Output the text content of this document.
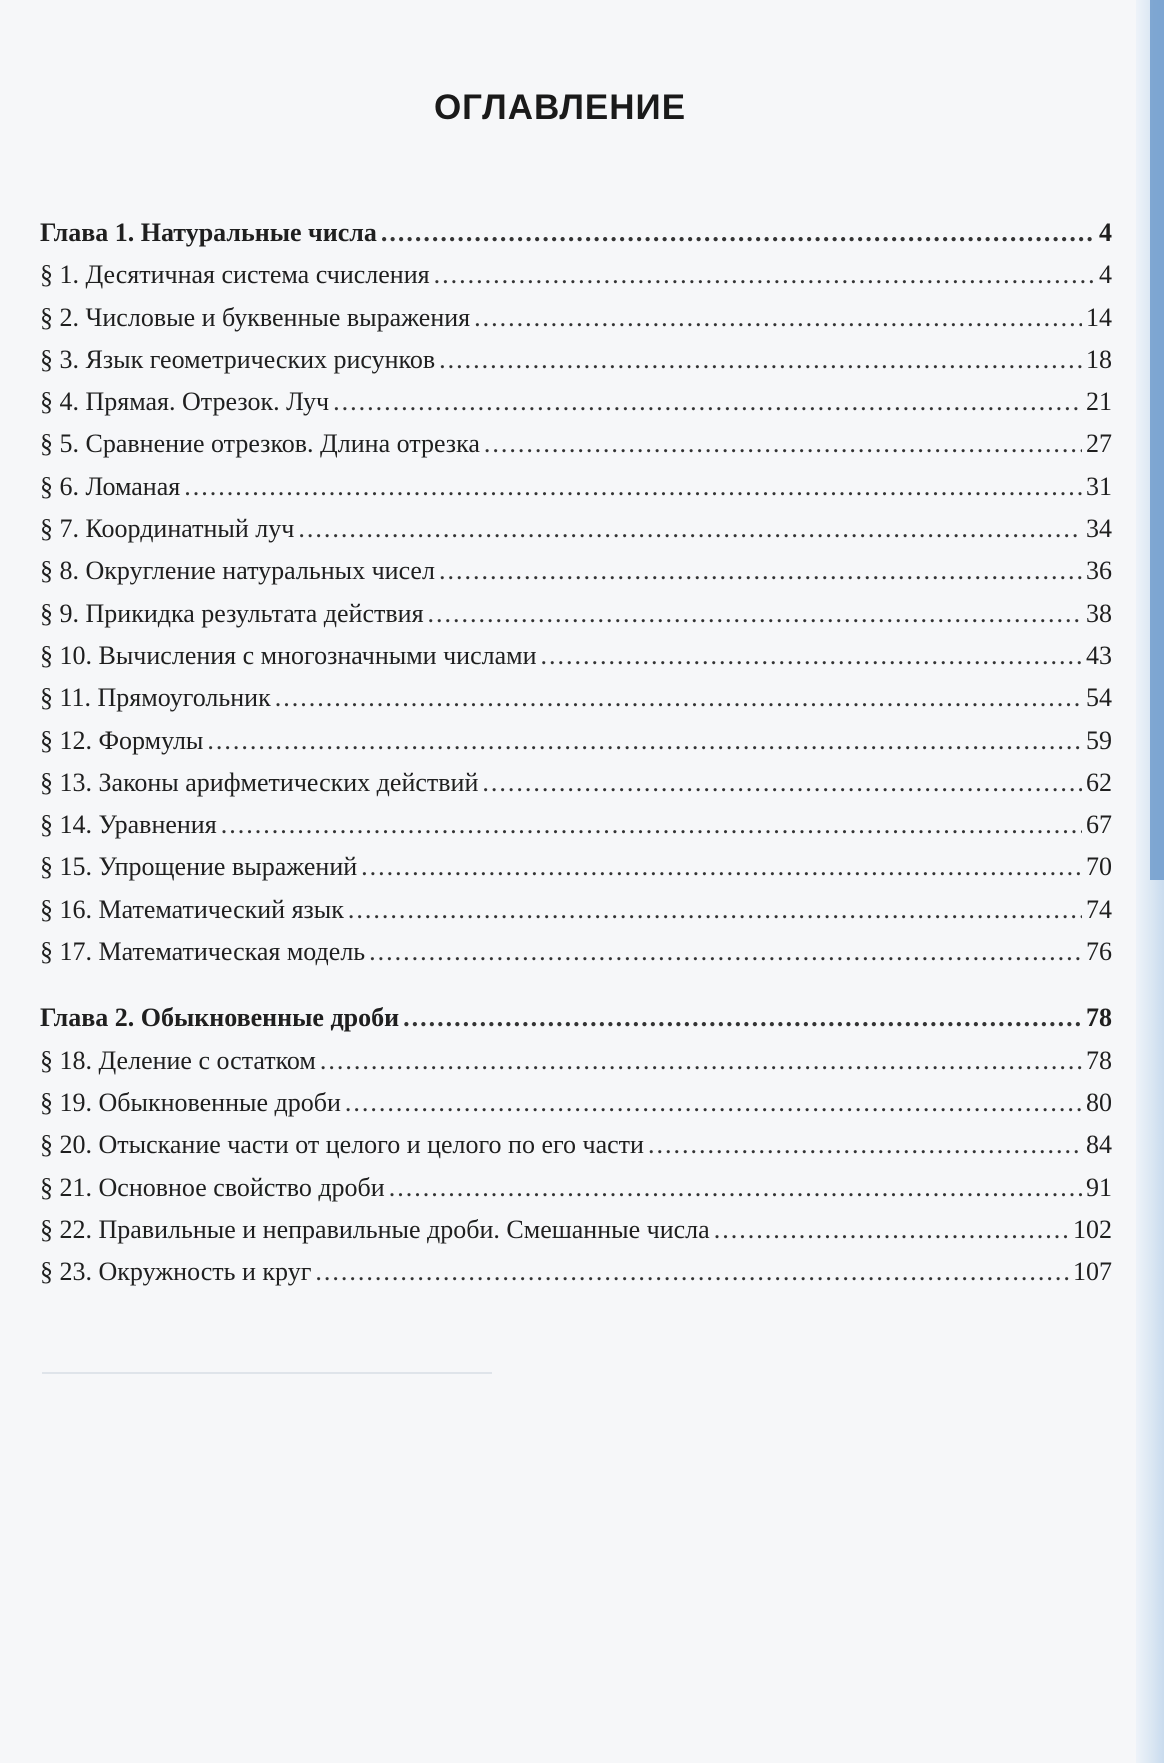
ОГЛАВЛЕНИЕ
Глава 1. Натуральные числа .....	4
§ 1. Десятичная система счисления .....	4
§ 2. Числовые и буквенные выражения .....	14
§ 3. Язык геометрических рисунков .....	18
§ 4. Прямая. Отрезок. Луч .....	21
§ 5. Сравнение отрезков. Длина отрезка .....	27
§ 6. Ломаная .....	31
§ 7. Координатный луч .....	34
§ 8. Округление натуральных чисел .....	36
§ 9. Прикидка результата действия .....	38
§ 10. Вычисления с многозначными числами .....	43
§ 11. Прямоугольник .....	54
§ 12. Формулы .....	59
§ 13. Законы арифметических действий .....	62
§ 14. Уравнения .....	67
§ 15. Упрощение выражений .....	70
§ 16. Математический язык .....	74
§ 17. Математическая модель .....	76
Глава 2. Обыкновенные дроби .....	78
§ 18. Деление с остатком .....	78
§ 19. Обыкновенные дроби .....	80
§ 20. Отыскание части от целого и целого по его части .....	84
§ 21. Основное свойство дроби .....	91
§ 22. Правильные и неправильные дроби. Смешанные числа .....	102
§ 23. Окружность и круг .....	107
